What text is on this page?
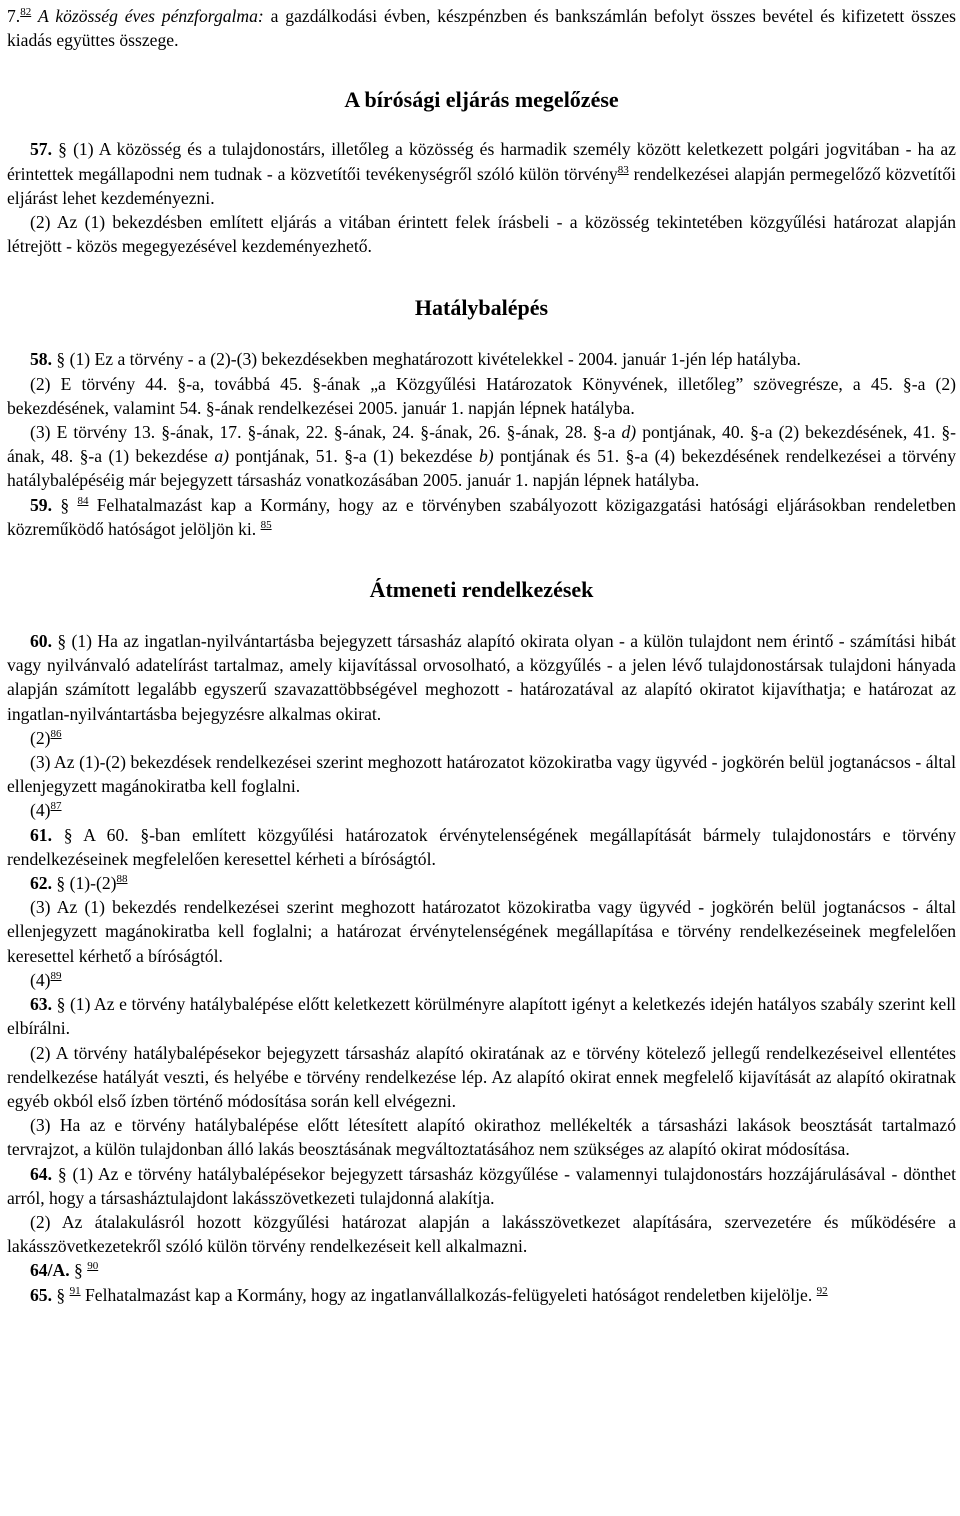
7.82 A közösség éves pénzforgalma: a gazdálkodási évben, készpénzben és bankszámlán befolyt összes bevétel és kifizetett összes kiadás együttes összege.

A bírósági eljárás megelőzése

57. § (1) A közösség és a tulajdonostárs, illetőleg a közösség és harmadik személy között keletkezett polgári jogvitában - ha az érintettek megállapodni nem tudnak - a közvetítői tevékenységről szóló külön törvény$^{83}$ rendelkezései alapján permegelőző közvetítői eljárást lehet kezdeményezni.

(2) Az (1) bekezdésben említett eljárás a vitában érintett felek írásbeli - a közösség tekintetében közgyűlési határozat alapján létrejött - közös megegyezésével kezdeményezhető.

Hatálybalépés

58. § (1) Ez a törvény - a (2)-(3) bekezdésekben meghatározott kivételekkel - 2004. január 1-jén lép hatályba.

(2) E törvény 44. §-a, továbbá 45. §-ának „a Közgyűlési Határozatok Könyvének, illetőleg” szövegrésze, a 45. §-a (2) bekezdésének, valamint 54. §-ának rendelkezései 2005. január 1. napján lépnek hatályba.

(3) E törvény 13. §-ának, 17. §-ának, 22. §-ának, 24. §-ának, 26. §-ának, 28. §-a d) pontjának, 40. §-a (2) bekezdésének, 41. §-ának, 48. §-a (1) bekezdése a) pontjának, 51. §-a (1) bekezdése b) pontjának és 51. §-a (4) bekezdésének rendelkezései a törvény hatálybalépéséig már bejegyzett társasház vonatkozásában 2005. január 1. napján lépnek hatályba.

59. § $^{84}$ Felhatalmazást kap a Kormány, hogy az e törvényben szabályozott közigazgatási hatósági eljárásokban rendeletben közreműködő hatóságot jelöljön ki. $^{85}$

Átmeneti rendelkezések

60. § (1) Ha az ingatlan-nyilvántartásba bejegyzett társasház alapító okirata olyan - a külön tulajdont nem érintő - számítási hibát vagy nyilvánvaló adatelírást tartalmaz, amely kijavítással orvosolható, a közgyűlés - a jelen lévő tulajdonostársak tulajdoni hányada alapján számított legalább egyszerű szavazattöbbségével meghozott - határozatával az alapító okiratot kijavíthatja; e határozat az ingatlan-nyilvántartásba bejegyzésre alkalmas okirat.

$(2)^{86}$

(3) Az (1)-(2) bekezdések rendelkezései szerint meghozott határozatot közokiratba vagy ügyvéd - jogkörén belül jogtanácsos - által ellenjegyzett magánokiratba kell foglalni.

$(4)^{87}$

61. § A 60. §-ban említett közgyűlési határozatok érvénytelenségének megállapítását bármely tulajdonostárs e törvény rendelkezéseinek megfelelően keresettel kérheti a bíróságtól.

62. § $(1)-(2)^{88}$

(3) Az (1) bekezdés rendelkezései szerint meghozott határozatot közokiratba vagy ügyvéd - jogkörén belül jogtanácsos - által ellenjegyzett magánokiratba kell foglalni; a határozat érvénytelenségének megállapítása e törvény rendelkezéseinek megfelelően keresettel kérhető a bíróságtól.

$(4)^{89}$

63. § (1) Az e törvény hatálybalépése előtt keletkezett körülményre alapított igényt a keletkezés idején hatályos szabály szerint kell elbírálni.

(2) A törvény hatálybalépésekor bejegyzett társasház alapító okiratának az e törvény kötelező jellegű rendelkezéseivel ellentétes rendelkezése hatályát veszti, és helyébe e törvény rendelkezése lép. Az alapító okirat ennek megfelelő kijavítását az alapító okiratnak egyéb okból első ízben történő módosítása során kell elvégezni.

(3) Ha az e törvény hatálybalépése előtt létesített alapító okirathoz mellékelték a társasházi lakások beosztását tartalmazó tervrajzot, a külön tulajdonban álló lakás beosztásának megváltoztatásához nem szükséges az alapító okirat módosítása.

64. § (1) Az e törvény hatálybalépésekor bejegyzett társasház közgyűlése - valamennyi tulajdonostárs hozzájárulásával - dönthet arról, hogy a társasháztulajdont lakásszövetkezeti tulajdonná alakítja.

(2) Az átalakulásról hozott közgyűlési határozat alapján a lakásszövetkezet alapítására, szervezetére és működésére a lakásszövetkezetekről szóló külön törvény rendelkezéseit kell alkalmazni.

64/A. § $^{90}$

65. § $^{91}$ Felhatalmazást kap a Kormány, hogy az ingatlanvállalkozás-felügyeleti hatóságot rendeletben kijelölje. $^{92}$
